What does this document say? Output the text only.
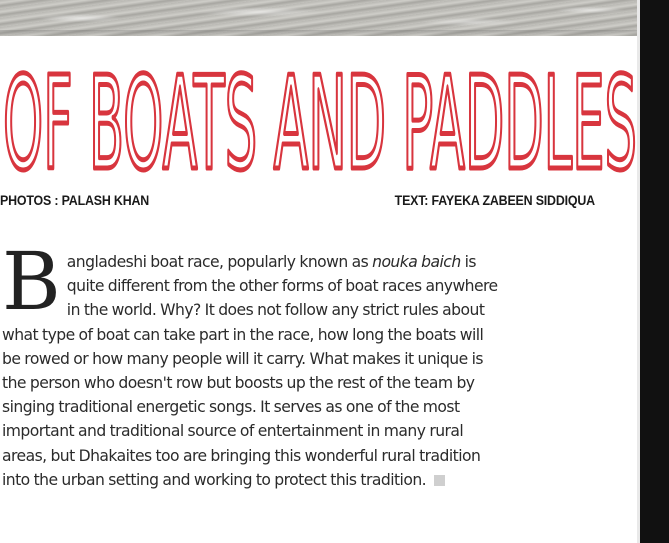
OF BOATS AND PADDLES
PHOTOS : PALASH KHAN	TEXT: FAYEKA ZABEEN SIDDIQUA
B angladeshi boat race, popularly known as nouka baich is
quite different from the other forms of boat races anywhere
in the world. Why? It does not follow any strict rules about
what type of boat can take part in the race, how long the boats will
be rowed or how many people will it carry. What makes it unique is
the person who doesn't row but boosts up the rest of the team by
singing traditional energetic songs. It serves as one of the most
important and traditional source of entertainment in many rural
areas, but Dhakaites too are bringing this wonderful rural tradition
into the urban setting and working to protect this tradition.
